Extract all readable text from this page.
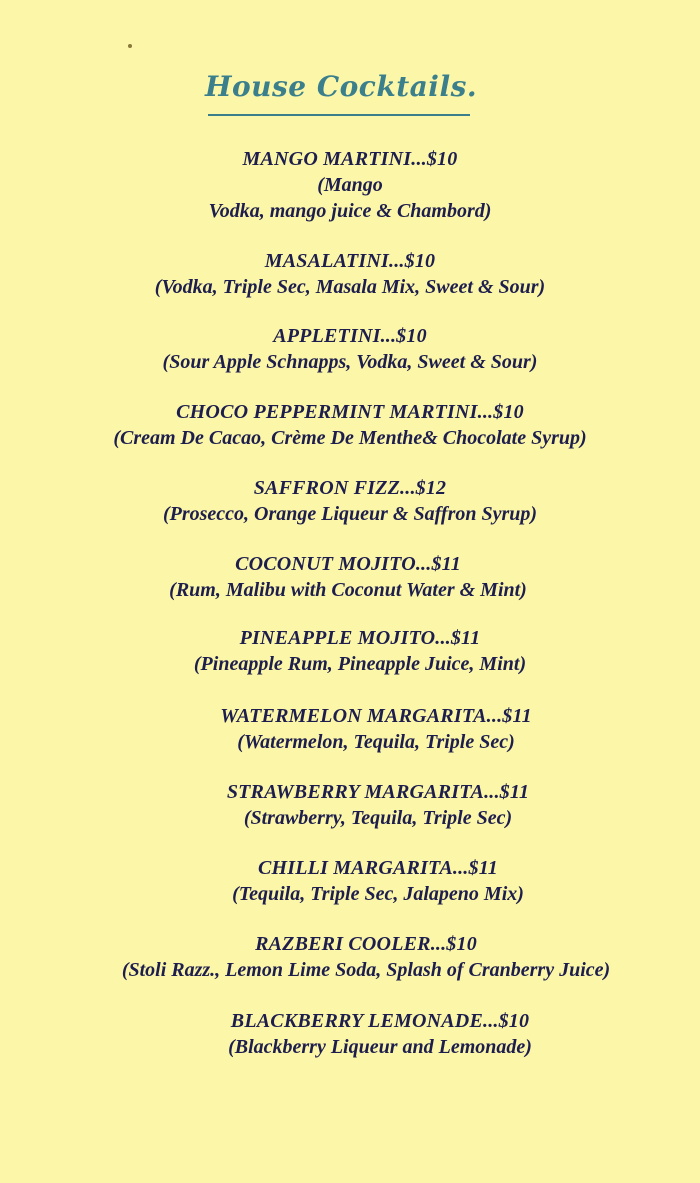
House Cocktails.
MANGO MARTINI...$10
(Mango
Vodka, mango juice & Chambord)
MASALATINI...$10
(Vodka, Triple Sec, Masala Mix, Sweet & Sour)
APPLETINI...$10
(Sour Apple Schnapps, Vodka, Sweet & Sour)
CHOCO PEPPERMINT MARTINI...$10
(Cream De Cacao, Crème De Menthe& Chocolate Syrup)
SAFFRON FIZZ...$12
(Prosecco, Orange Liqueur & Saffron Syrup)
COCONUT MOJITO...$11
(Rum, Malibu with Coconut Water & Mint)
PINEAPPLE MOJITO...$11
(Pineapple Rum, Pineapple Juice, Mint)
WATERMELON MARGARITA...$11
(Watermelon, Tequila, Triple Sec)
STRAWBERRY MARGARITA...$11
(Strawberry, Tequila, Triple Sec)
CHILLI MARGARITA...$11
(Tequila, Triple Sec, Jalapeno Mix)
RAZBERI COOLER...$10
(Stoli Razz., Lemon Lime Soda, Splash of Cranberry Juice)
BLACKBERRY LEMONADE...$10
(Blackberry Liqueur and Lemonade)
